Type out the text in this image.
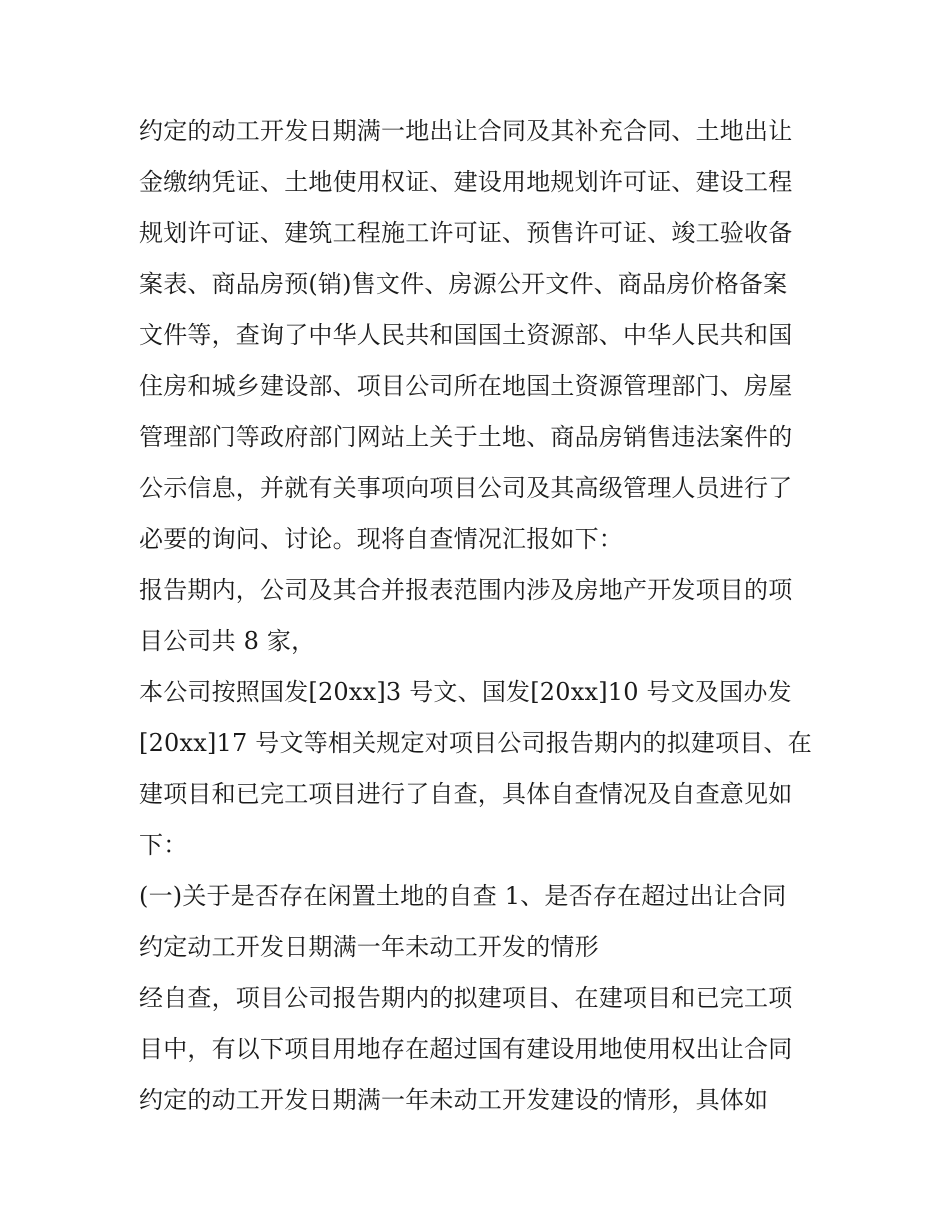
约定的动工开发日期满一地出让合同及其补充合同、土地出让
金缴纳凭证、土地使用权证、建设用地规划许可证、建设工程
规划许可证、建筑工程施工许可证、预售许可证、竣工验收备
案表、商品房预(销)售文件、房源公开文件、商品房价格备案
文件等，查询了中华人民共和国国土资源部、中华人民共和国
住房和城乡建设部、项目公司所在地国土资源管理部门、房屋
管理部门等政府部门网站上关于土地、商品房销售违法案件的
公示信息，并就有关事项向项目公司及其高级管理人员进行了
必要的询问、讨论。现将自查情况汇报如下：
报告期内，公司及其合并报表范围内涉及房地产开发项目的项
目公司共 8 家，
本公司按照国发[20xx]3 号文、国发[20xx]10 号文及国办发
[20xx]17 号文等相关规定对项目公司报告期内的拟建项目、在
建项目和已完工项目进行了自查，具体自查情况及自查意见如
下：
(一)关于是否存在闲置土地的自查 1、是否存在超过出让合同
约定动工开发日期满一年未动工开发的情形
经自查，项目公司报告期内的拟建项目、在建项目和已完工项
目中，有以下项目用地存在超过国有建设用地使用权出让合同
约定的动工开发日期满一年未动工开发建设的情形，具体如
